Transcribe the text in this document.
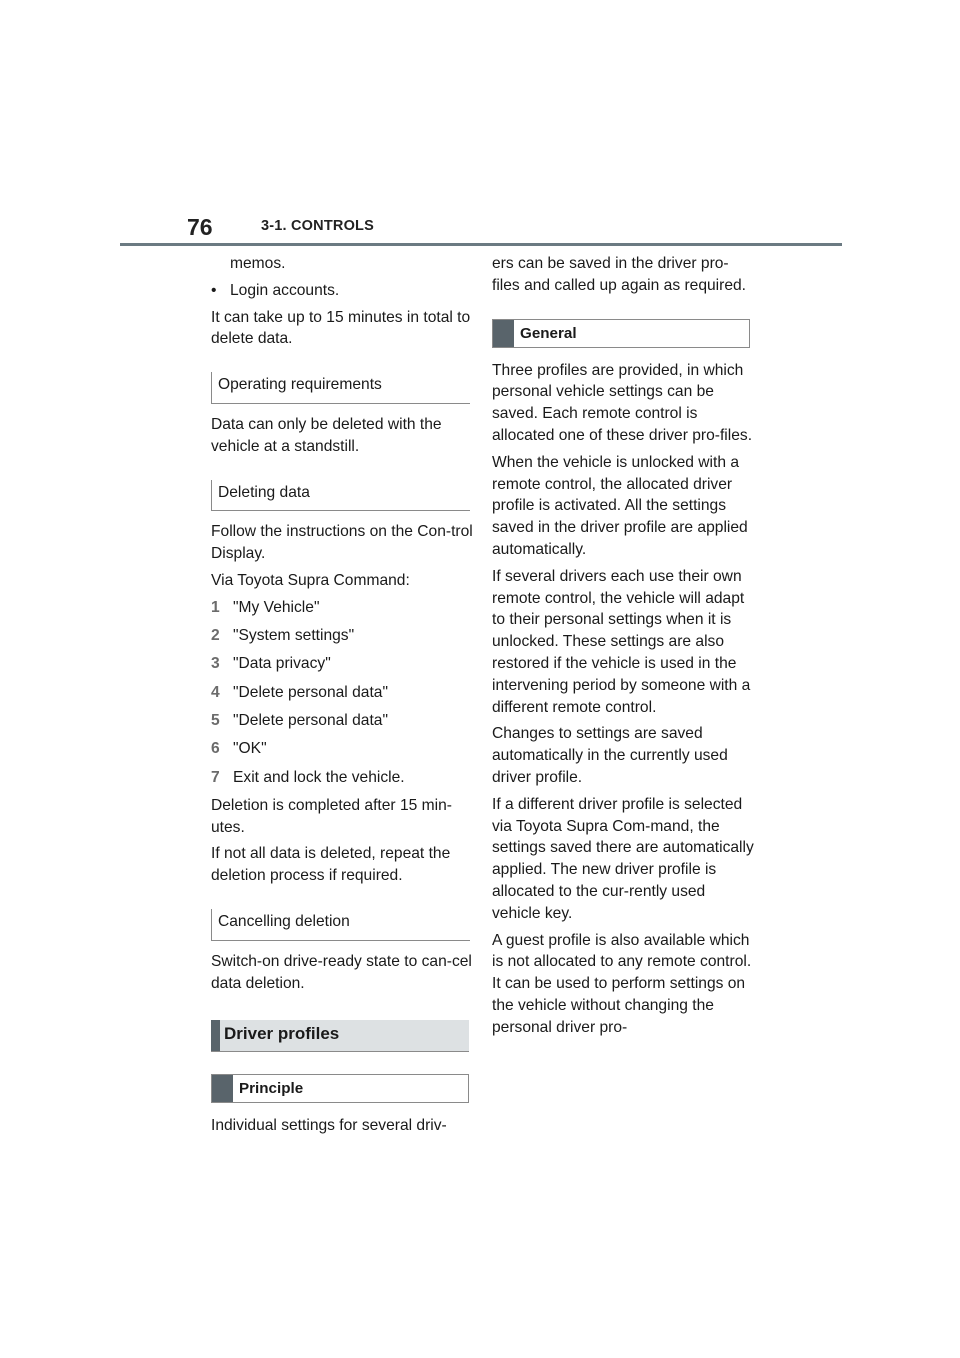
76	3-1. CONTROLS

memos.

• Login accounts.

It can take up to 15 minutes in total to delete data.

Operating requirements

Data can only be deleted with the vehicle at a standstill.

Deleting data

Follow the instructions on the Con-trol Display.

Via Toyota Supra Command:

1 "My Vehicle"
2 "System settings"
3 "Data privacy"
4 "Delete personal data"
5 "Delete personal data"
6 "OK"
7 Exit and lock the vehicle.

Deletion is completed after 15 min-utes.

If not all data is deleted, repeat the deletion process if required.

Cancelling deletion

Switch-on drive-ready state to can-cel data deletion.

Driver profiles
Principle

Individual settings for several driv-

ers can be saved in the driver pro-files and called up again as required.

General

Three profiles are provided, in which personal vehicle settings can be saved. Each remote control is allocated one of these driver pro-files.

When the vehicle is unlocked with a remote control, the allocated driver profile is activated. All the settings saved in the driver profile are applied automatically.

If several drivers each use their own remote control, the vehicle will adapt to their personal settings when it is unlocked. These settings are also restored if the vehicle is used in the intervening period by someone with a different remote control.

Changes to settings are saved automatically in the currently used driver profile.

If a different driver profile is selected via Toyota Supra Com-mand, the settings saved there are automatically applied. The new driver profile is allocated to the cur-rently used vehicle key.

A guest profile is also available which is not allocated to any remote control. It can be used to perform settings on the vehicle without changing the personal driver pro-
